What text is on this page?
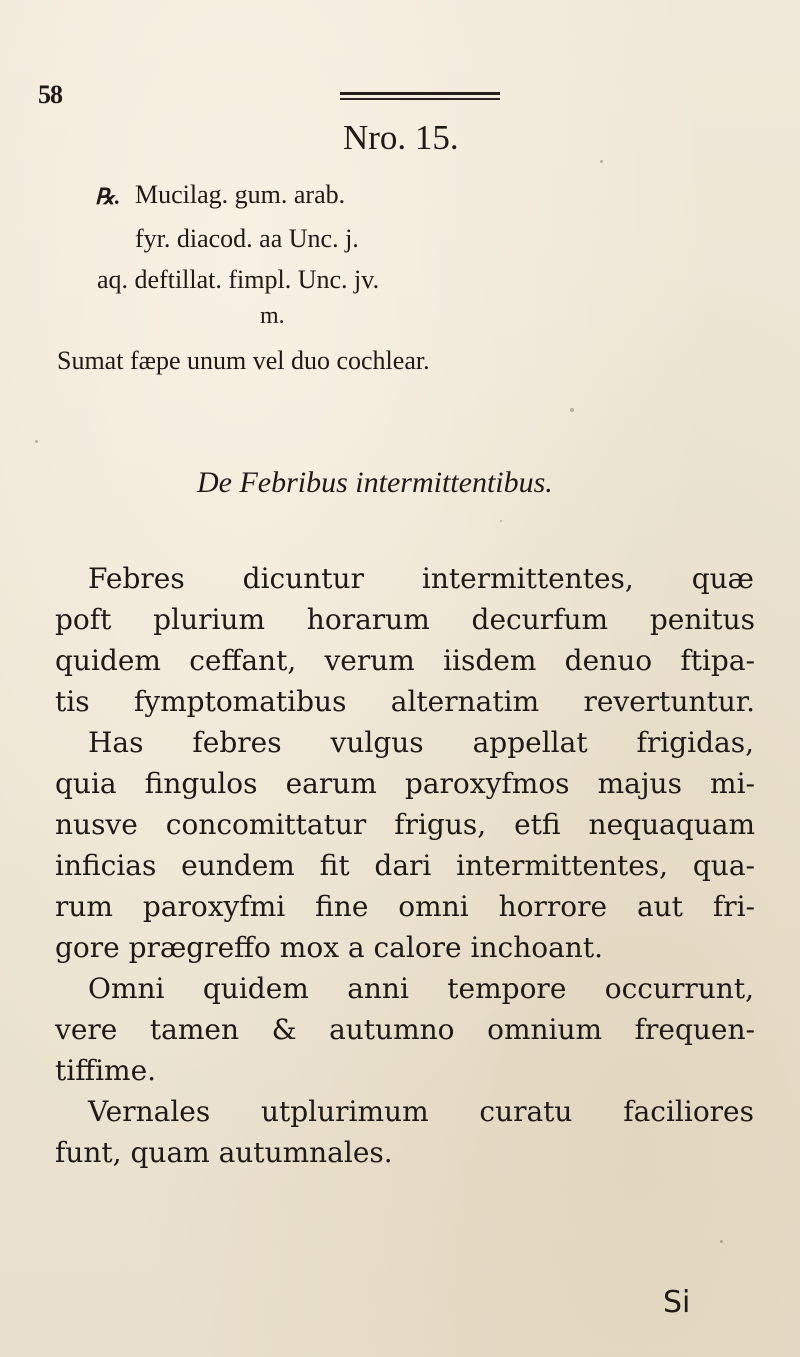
58
Nro. 15.
℞. Mucilag. gum. arab.
fyr. diacod. aa Unc. j.
aq. deftillat. fimpl. Unc. jv.
m.
Sumat fæpe unum vel duo cochlear.
De Febribus intermittentibus.
Febres dicuntur intermittentes, quæ
poft plurium horarum decurfum penitus
quidem ceffant, verum iisdem denuo ftipa-
tis fymptomatibus alternatim revertuntur.
Has febres vulgus appellat frigidas,
quia fingulos earum paroxyfmos majus mi-
nusve concomittatur frigus, etfi nequaquam
inficias eundem fit dari intermittentes, qua-
rum paroxyfmi fine omni horrore aut fri-
gore prægreffo mox a calore inchoant.
Omni quidem anni tempore occurrunt,
vere tamen & autumno omnium frequen-
tiffime.
Vernales utplurimum curatu faciliores
funt, quam autumnales.
Si
